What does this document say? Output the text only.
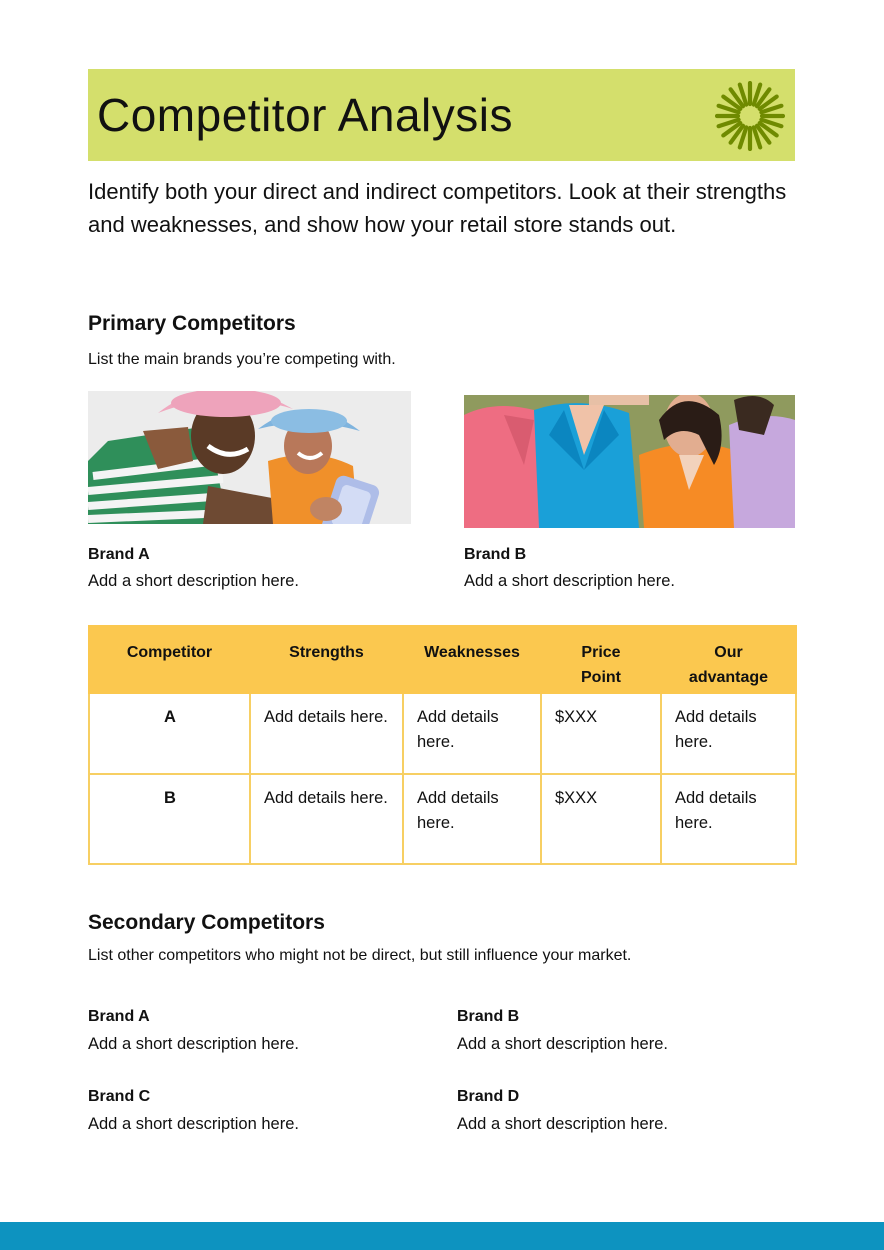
Competitor Analysis

Identify both your direct and indirect competitors. Look at their strengths and weaknesses, and show how your retail store stands out.

Primary Competitors

List the main brands you’re competing with.

Brand A

Add a short description here.

Brand B

Add a short description here.

Competitor	Strengths	Weaknesses	Price Point	Our advantage
A	Add details here.	Add details here.	$XXX	Add details here.
B	Add details here.	Add details here.	$XXX	Add details here.
Secondary Competitors

List other competitors who might not be direct, but still influence your market.

Brand A

Add a short description here.

Brand B

Add a short description here.

Brand C

Add a short description here.

Brand D

Add a short description here.
